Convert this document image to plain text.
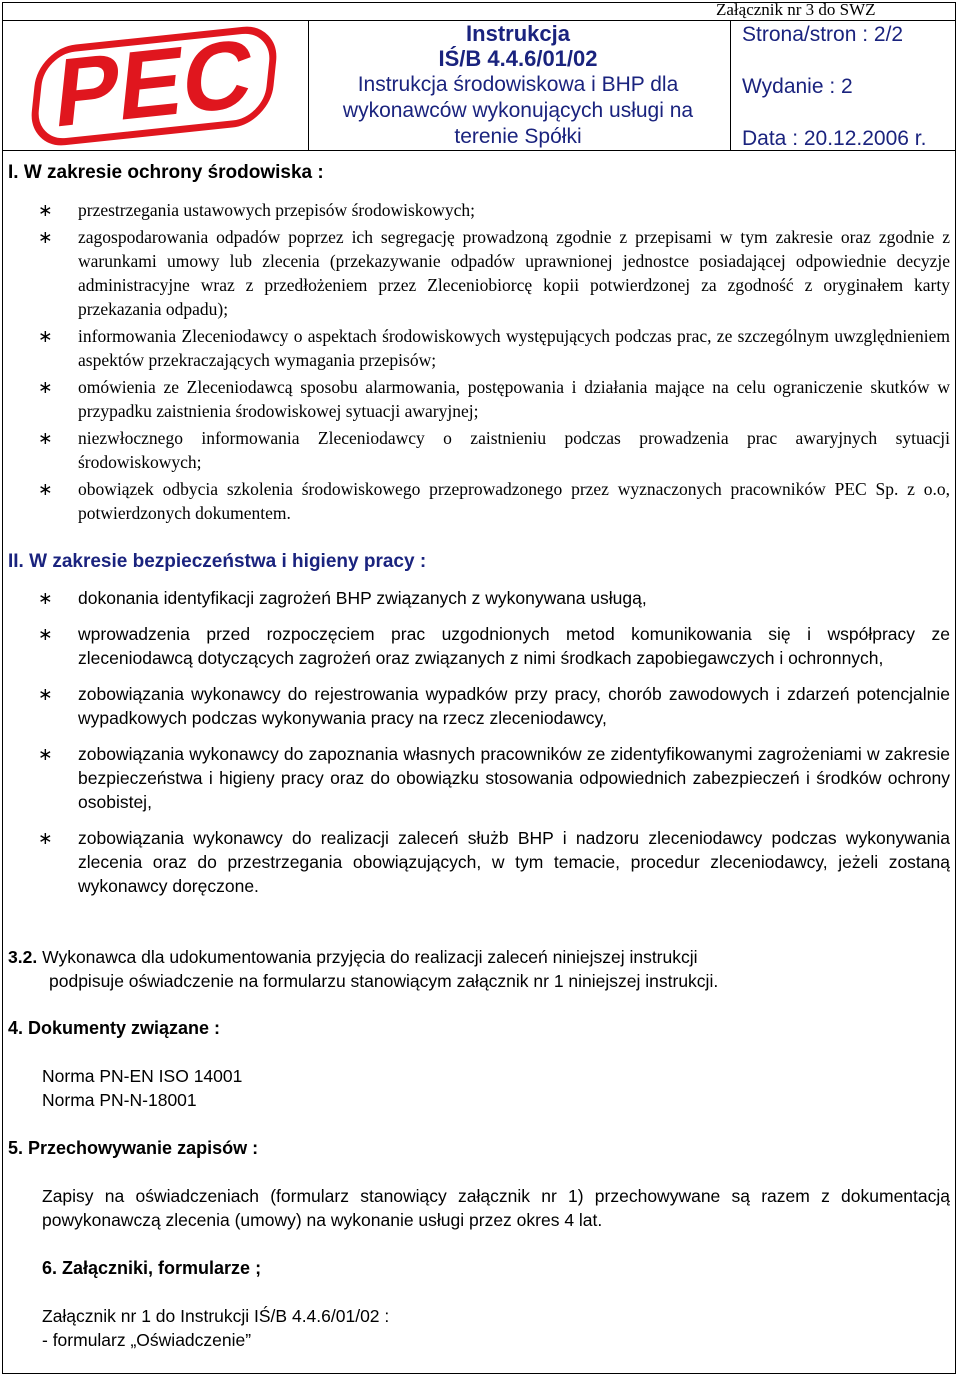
Załącznik nr 3 do SWZ
PEC	Instrukcja
IŚ/B 4.4.6/01/02
Instrukcja środowiskowa i BHP dla
wykonawców wykonujących usługi na
terenie Spółki
Strona/stron : 2/2
Wydanie : 2
Data : 20.12.2006 r.
I. W zakresie ochrony środowiska :
∗ przestrzegania ustawowych przepisów środowiskowych;
∗ zagospodarowania odpadów poprzez ich segregację prowadzoną zgodnie z przepisami w tym zakresie oraz zgodnie z warunkami umowy lub zlecenia (przekazywanie odpadów uprawnionej jednostce posiadającej odpowiednie decyzje administracyjne wraz z przedłożeniem przez Zleceniobiorcę kopii potwierdzonej za zgodność z oryginałem karty przekazania odpadu);
∗ informowania Zleceniodawcy o aspektach środowiskowych występujących podczas prac, ze szczególnym uwzględnieniem aspektów przekraczających wymagania przepisów;
∗ omówienia ze Zleceniodawcą sposobu alarmowania, postępowania i działania mające na celu ograniczenie skutków w przypadku zaistnienia środowiskowej sytuacji awaryjnej;
∗ niezwłocznego informowania Zleceniodawcy o zaistnieniu podczas prowadzenia prac awaryjnych sytuacji środowiskowych;
∗ obowiązek odbycia szkolenia środowiskowego przeprowadzonego przez wyznaczonych pracowników PEC Sp. z o.o, potwierdzonych dokumentem.
II. W zakresie bezpieczeństwa i higieny pracy :
∗ dokonania identyfikacji zagrożeń BHP związanych z wykonywana usługą,
∗ wprowadzenia przed rozpoczęciem prac uzgodnionych metod komunikowania się i współpracy ze zleceniodawcą dotyczących zagrożeń oraz związanych z nimi środkach zapobiegawczych i ochronnych,
∗ zobowiązania wykonawcy do rejestrowania wypadków przy pracy, chorób zawodowych i zdarzeń potencjalnie wypadkowych podczas wykonywania pracy na rzecz zleceniodawcy,
∗ zobowiązania wykonawcy do zapoznania własnych pracowników ze zidentyfikowanymi zagrożeniami w zakresie bezpieczeństwa i higieny pracy oraz do obowiązku stosowania odpowiednich zabezpieczeń i środków ochrony osobistej,
∗ zobowiązania wykonawcy do realizacji zaleceń służb BHP i nadzoru zleceniodawcy podczas wykonywania zlecenia oraz do przestrzegania obowiązujących, w tym temacie, procedur zleceniodawcy, jeżeli zostaną wykonawcy doręczone.
3.2. Wykonawca dla udokumentowania przyjęcia do realizacji zaleceń niniejszej instrukcji
podpisuje oświadczenie na formularzu stanowiącym załącznik nr 1 niniejszej instrukcji.
4. Dokumenty związane :
Norma PN-EN ISO 14001
Norma PN-N-18001
5. Przechowywanie zapisów :
Zapisy na oświadczeniach (formularz stanowiący załącznik nr 1) przechowywane są razem z dokumentacją powykonawczą zlecenia (umowy) na wykonanie usługi przez okres 4 lat.
6. Załączniki, formularze ;
Załącznik nr 1 do Instrukcji IŚ/B 4.4.6/01/02 :
- formularz „Oświadczenie”
